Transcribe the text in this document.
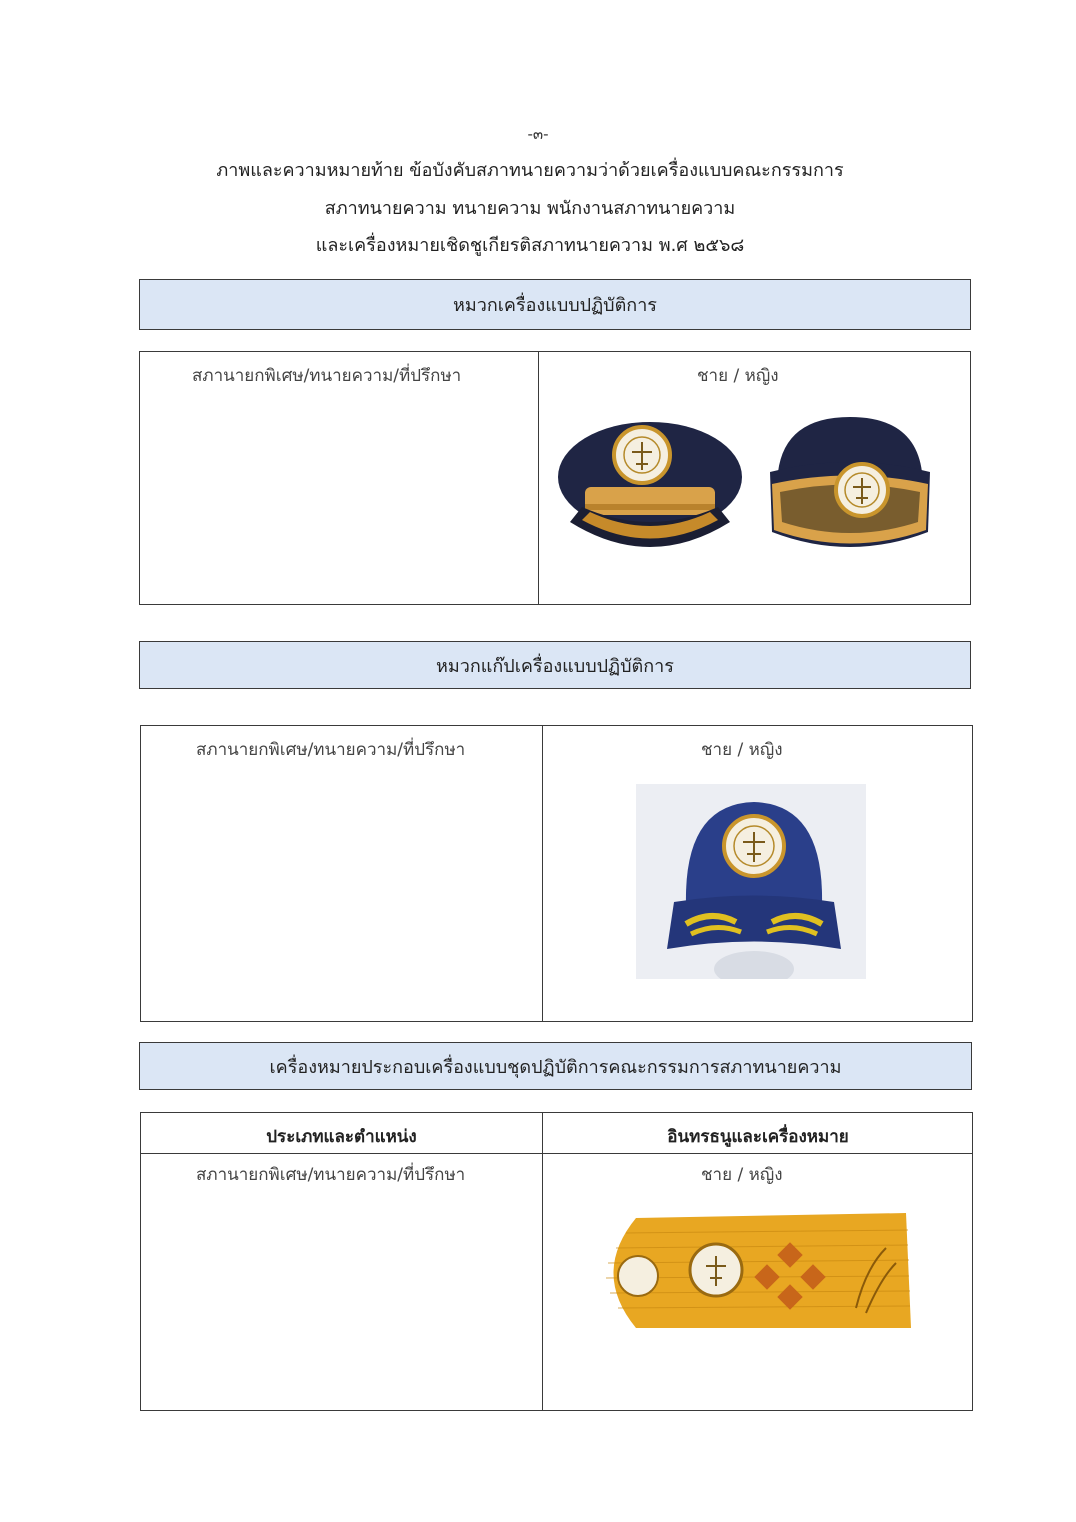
-๓-
ภาพและความหมายท้าย ข้อบังคับสภาทนายความว่าด้วยเครื่องแบบคณะกรรมการ
สภาทนายความ ทนายความ พนักงานสภาทนายความ
และเครื่องหมายเชิดชูเกียรติสภาทนายความ พ.ศ ๒๕๖๘
หมวกเครื่องแบบปฏิบัติการ
สภานายกพิเศษ/ทนายความ/ที่ปรึกษา	ชาย / หญิง
หมวกแก๊ปเครื่องแบบปฏิบัติการ
สภานายกพิเศษ/ทนายความ/ที่ปรึกษา	ชาย / หญิง
เครื่องหมายประกอบเครื่องแบบชุดปฏิบัติการคณะกรรมการสภาทนายความ
ประเภทและตำแหน่ง	อินทรธนูและเครื่องหมาย
สภานายกพิเศษ/ทนายความ/ที่ปรึกษา	ชาย / หญิง
